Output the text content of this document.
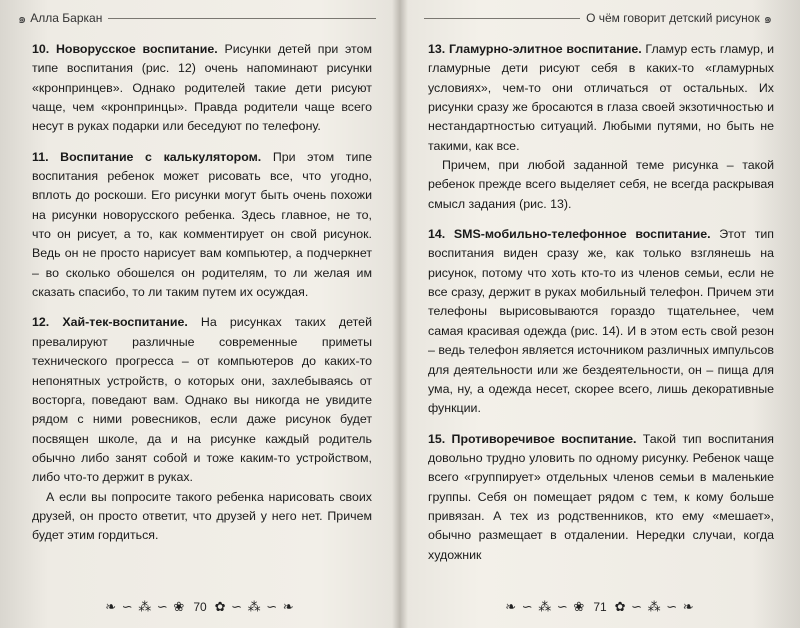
๑ Алла Баркан

10. Новорусское воспитание. Рисунки детей при этом типе воспитания (рис. 12) очень напоминают рисунки «кронпринцев». Однако родителей такие дети рисуют чаще, чем «кронпринцы». Правда родители чаще всего несут в руках подарки или беседуют по телефону.

11. Воспитание с калькулятором. При этом типе воспитания ребенок может рисовать все, что угодно, вплоть до роскоши. Его рисунки могут быть очень похожи на рисунки новорусского ребенка. Здесь главное, не то, что он рисует, а то, как комментирует он свой рисунок. Ведь он не просто нарисует вам компьютер, а подчеркнет – во сколько обошелся он родителям, то ли желая им сказать спасибо, то ли таким путем их осуждая.

12. Хай-тек-воспитание. На рисунках таких детей превалируют различные современные приметы технического прогресса – от компьютеров до каких-то непонятных устройств, о которых они, захлебываясь от восторга, поведают вам. Однако вы никогда не увидите рядом с ними ровесников, если даже рисунок будет посвящен школе, да и на рисунке каждый родитель обычно либо занят собой и тоже каким-то устройством, либо что-то держит в руках.

А если вы попросите такого ребенка нарисовать своих друзей, он просто ответит, что друзей у него нет. Причем будет этим гордиться.

❧ ∽ ⁂ ∽ ❀ 70 ✿ ∽ ⁂ ∽ ❧
О чём говорит детский рисунок ๑

13. Гламурно-элитное воспитание. Гламур есть гламур, и гламурные дети рисуют себя в каких-то «гламурных условиях», чем-то они отличаться от остальных. Их рисунки сразу же бросаются в глаза своей экзотичностью и нестандартностью ситуаций. Любыми путями, но быть не такими, как все.

Причем, при любой заданной теме рисунка – такой ребенок прежде всего выделяет себя, не всегда раскрывая смысл задания (рис. 13).

14. SMS-мобильно-телефонное воспитание. Этот тип воспитания виден сразу же, как только взглянешь на рисунок, потому что хоть кто-то из членов семьи, если не все сразу, держит в руках мобильный телефон. Причем эти телефоны вырисовываются гораздо тщательнее, чем самая красивая одежда (рис. 14). И в этом есть свой резон – ведь телефон является источником различных импульсов для деятельности или же бездеятельности, он – пища для ума, ну, а одежда несет, скорее всего, лишь декоративные функции.

15. Противоречивое воспитание. Такой тип воспитания довольно трудно уловить по одному рисунку. Ребенок чаще всего «группирует» отдельных членов семьи в маленькие группы. Себя он помещает рядом с тем, к кому больше привязан. А тех из родственников, кто ему «мешает», обычно размещает в отдалении. Нередки случаи, когда художник

❧ ∽ ⁂ ∽ ❀ 71 ✿ ∽ ⁂ ∽ ❧
